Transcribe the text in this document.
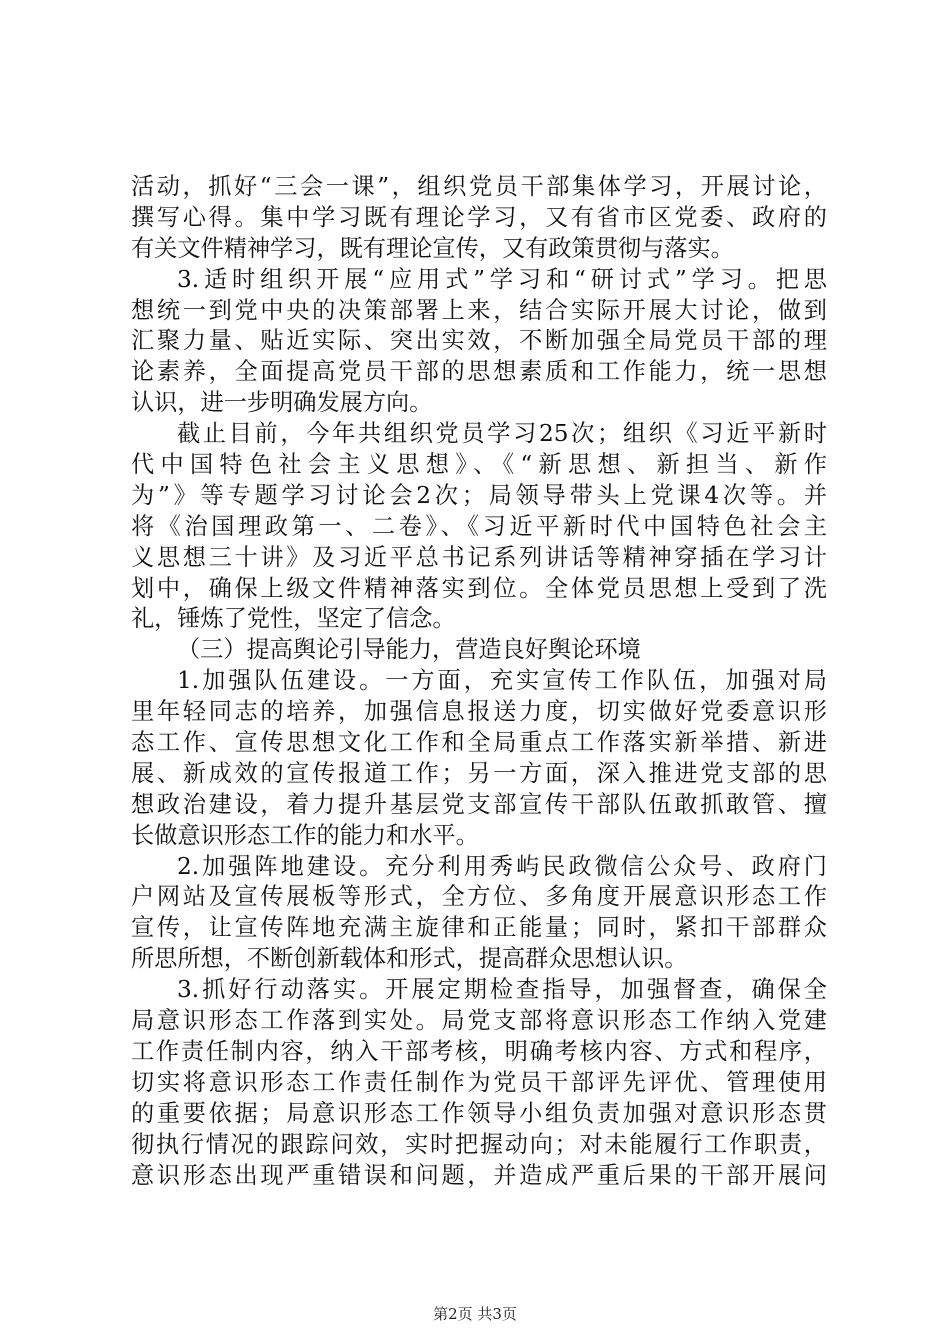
活动，抓好“三会一课”，组织党员干部集体学习，开展讨论，
撰写心得。集中学习既有理论学习，又有省市区党委、政府的
有关文件精神学习，既有理论宣传，又有政策贯彻与落实。
3.适时组织开展“应用式”学习和“研讨式”学习。把思
想统一到党中央的决策部署上来，结合实际开展大讨论，做到
汇聚力量、贴近实际、突出实效，不断加强全局党员干部的理
论素养，全面提高党员干部的思想素质和工作能力，统一思想
认识，进一步明确发展方向。
截止目前，今年共组织党员学习25次；组织《习近平新时
代中国特色社会主义思想》、《“新思想、新担当、新作
为”》等专题学习讨论会2次；局领导带头上党课4次等。并
将《治国理政第一、二卷》、《习近平新时代中国特色社会主
义思想三十讲》及习近平总书记系列讲话等精神穿插在学习计
划中，确保上级文件精神落实到位。全体党员思想上受到了洗
礼，锤炼了党性，坚定了信念。
（三）提高舆论引导能力，营造良好舆论环境
1.加强队伍建设。一方面，充实宣传工作队伍，加强对局
里年轻同志的培养，加强信息报送力度，切实做好党委意识形
态工作、宣传思想文化工作和全局重点工作落实新举措、新进
展、新成效的宣传报道工作；另一方面，深入推进党支部的思
想政治建设，着力提升基层党支部宣传干部队伍敢抓敢管、擅
长做意识形态工作的能力和水平。
2.加强阵地建设。充分利用秀屿民政微信公众号、政府门
户网站及宣传展板等形式，全方位、多角度开展意识形态工作
宣传，让宣传阵地充满主旋律和正能量；同时，紧扣干部群众
所思所想，不断创新载体和形式，提高群众思想认识。
3.抓好行动落实。开展定期检查指导，加强督查，确保全
局意识形态工作落到实处。局党支部将意识形态工作纳入党建
工作责任制内容，纳入干部考核，明确考核内容、方式和程序，
切实将意识形态工作责任制作为党员干部评先评优、管理使用
的重要依据；局意识形态工作领导小组负责加强对意识形态贯
彻执行情况的跟踪问效，实时把握动向；对未能履行工作职责，
意识形态出现严重错误和问题，并造成严重后果的干部开展问
第2页 共3页
